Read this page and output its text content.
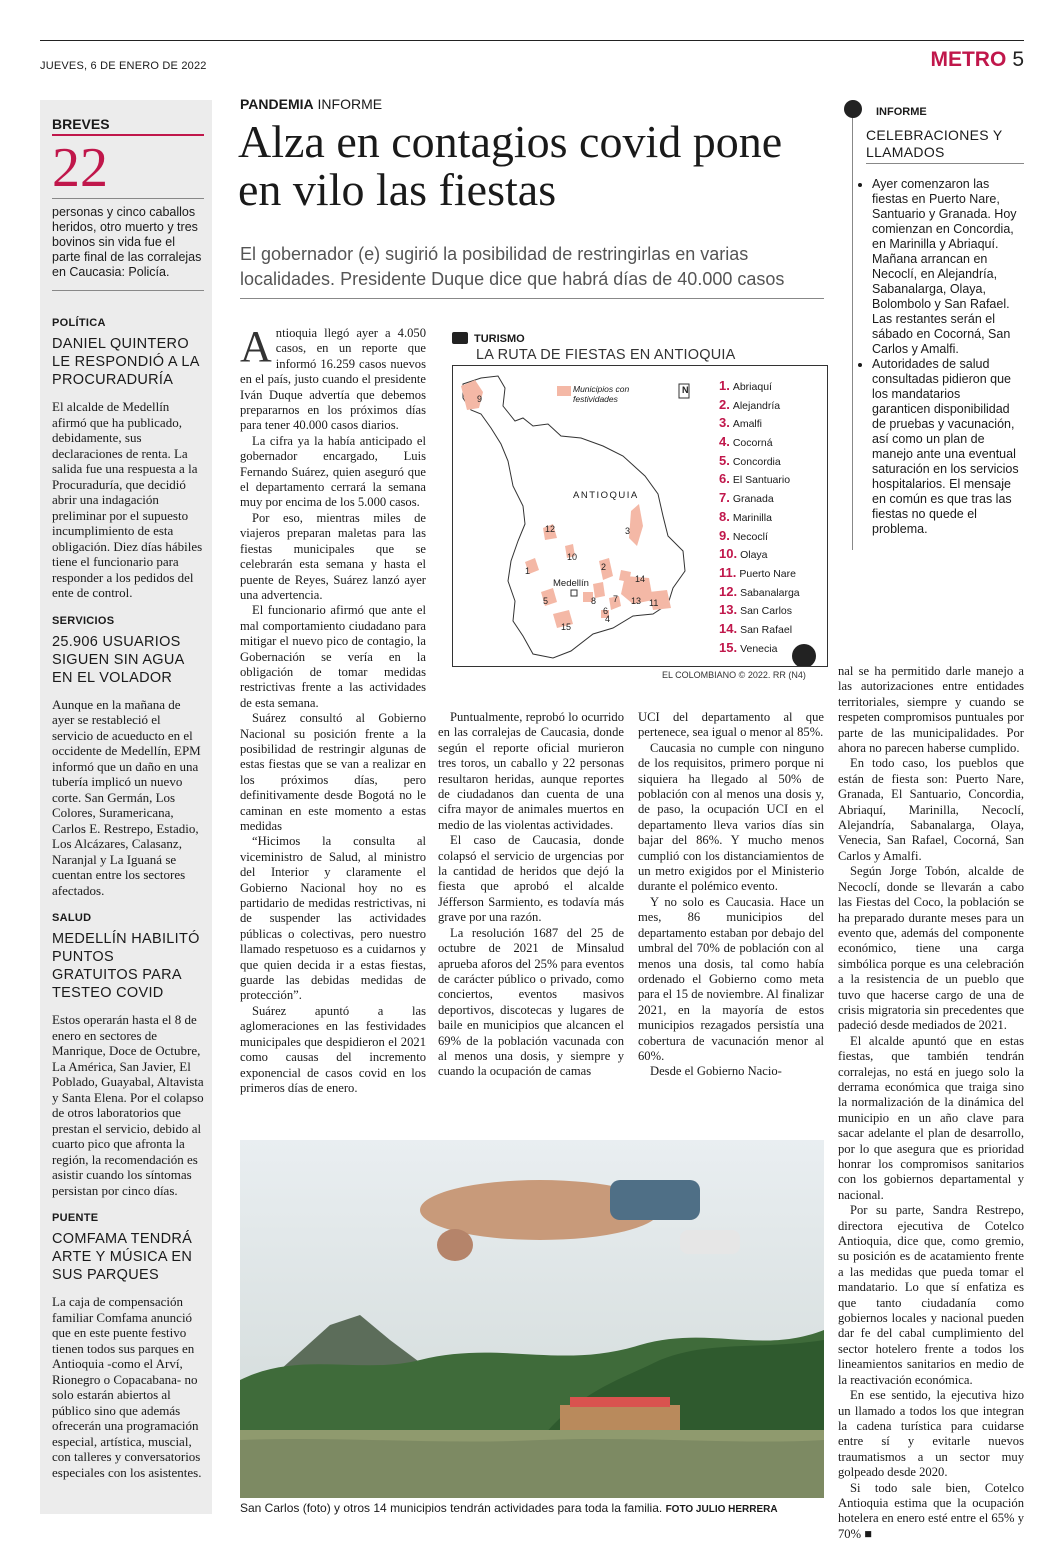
JUEVES, 6 DE ENERO DE 2022	METRO 5
BREVES
22
personas y cinco caballos heridos, otro muerto y tres bovinos sin vida fue el parte final de las corralejas en Caucasia: Policía.
POLÍTICA
DANIEL QUINTERO LE RESPONDIÓ A LA PROCURADURÍA
El alcalde de Medellín afirmó que ha publicado, debidamente, sus declaraciones de renta. La salida fue una respuesta a la Procuraduría, que decidió abrir una indagación preliminar por el supuesto incumplimiento de esta obligación. Diez días hábiles tiene el funcionario para responder a los pedidos del ente de control.
SERVICIOS
25.906 USUARIOS SIGUEN SIN AGUA EN EL VOLADOR
Aunque en la mañana de ayer se restableció el servicio de acueducto en el occidente de Medellín, EPM informó que un daño en una tubería implicó un nuevo corte. San Germán, Los Colores, Suramericana, Carlos E. Restrepo, Estadio, Los Alcázares, Calasanz, Naranjal y La Iguaná se cuentan entre los sectores afectados.
SALUD
MEDELLÍN HABILITÓ PUNTOS GRATUITOS PARA TESTEO COVID
Estos operarán hasta el 8 de enero en sectores de Manrique, Doce de Octubre, La América, San Javier, El Poblado, Guayabal, Altavista y Santa Elena. Por el colapso de otros laboratorios que prestan el servicio, debido al cuarto pico que afronta la región, la recomendación es asistir cuando los síntomas persistan por cinco días.
PUENTE
COMFAMA TENDRÁ ARTE Y MÚSICA EN SUS PARQUES
La caja de compensación familiar Comfama anunció que en este puente festivo tienen todos sus parques en Antioquia -como el Arví, Rionegro o Copacabana- no solo estarán abiertos al público sino que además ofrecerán una programación especial, artística, muscial, con talleres y conversatorios especiales con los asistentes.
PANDEMIA INFORME
Alza en contagios covid pone en vilo las fiestas
El gobernador (e) sugirió la posibilidad de restringirlas en varias localidades. Presidente Duque dice que habrá días de 40.000 casos

Antioquia llegó ayer a 4.050 casos, en un reporte que informó 16.259 casos nuevos en el país, justo cuando el presidente Iván Duque advertía que debemos prepararnos en los próximos días para tener 40.000 casos diarios.

La cifra ya la había anticipado el gobernador encargado, Luis Fernando Suárez, quien aseguró que el departamento cerrará la semana muy por encima de los 5.000 casos.

Por eso, mientras miles de viajeros preparan maletas para las fiestas municipales que se celebrarán esta semana y hasta el puente de Reyes, Suárez lanzó ayer una advertencia.

El funcionario afirmó que ante el mal comportamiento ciudadano para mitigar el nuevo pico de contagio, la Gobernación se vería en la obligación de tomar medidas restrictivas frente a las actividades de esta semana.

Suárez consultó al Gobierno Nacional su posición frente a la posibilidad de restringir algunas de estas fiestas que se van a realizar en los próximos días, pero definitivamente desde Bogotá no le caminan en este momento a estas medidas

“Hicimos la consulta al viceministro de Salud, al ministro del Interior y claramente el Gobierno Nacional hoy no es partidario de medidas restrictivas, ni de suspender las actividades públicas o colectivas, pero nuestro llamado respetuoso es a cuidarnos y que quien decida ir a estas fiestas, guarde las debidas medidas de protección”.

Suárez apuntó a las aglomeraciones en las festividades municipales que despidieron el 2021 como causas del incremento exponencial de casos covid en los primeros días de enero.

TURISMO
LA RUTA DE FIESTAS EN ANTIOQUIA
Municipios con festividades
N
ANTIOQUIA
Medellín
9
12	3
10
1	2
14
5	8 7 13 11
6
4
15
1. Abriaquí
2. Alejandría
3. Amalfi
4. Cocorná
5. Concordia
6. El Santuario
7. Granada
8. Marinilla
9. Necoclí
10. Olaya
11. Puerto Nare
12. Sabanalarga
13. San Carlos
14. San Rafael
15. Venecia
EL COLOMBIANO © 2022. RR (N4)

Puntualmente, reprobó lo ocurrido en las corralejas de Caucasia, donde según el reporte oficial murieron tres toros, un caballo y 22 personas resultaron heridas, aunque reportes de ciudadanos dan cuenta de una cifra mayor de animales muertos en medio de las violentas actividades.

El caso de Caucasia, donde colapsó el servicio de urgencias por la cantidad de heridos que dejó la fiesta que aprobó el alcalde Jéfferson Sarmiento, es todavía más grave por una razón.

La resolución 1687 del 25 de octubre de 2021 de Minsalud aprueba aforos del 25% para eventos de carácter público o privado, como conciertos, eventos masivos deportivos, discotecas y lugares de baile en municipios que alcancen el 69% de la población vacunada con al menos una dosis, y siempre y cuando la ocupación de camas

UCI del departamento al que pertenece, sea igual o menor al 85%.

Caucasia no cumple con ninguno de los requisitos, primero porque ni siquiera ha llegado al 50% de población con al menos una dosis y, de paso, la ocupación UCI en el departamento lleva varios días sin bajar del 86%. Y mucho menos cumplió con los distanciamientos de un metro exigidos por el Ministerio durante el polémico evento.

Y no solo es Caucasia. Hace un mes, 86 municipios del departamento estaban por debajo del umbral del 70% de población con al menos una dosis, tal como había ordenado el Gobierno como meta para el 15 de noviembre. Al finalizar 2021, en la mayoría de estos municipios rezagados persistía una cobertura de vacunación menor al 60%.

Desde el Gobierno Nacio-

INFORME
CELEBRACIONES Y LLAMADOS
• Ayer comenzaron las fiestas en Puerto Nare, Santuario y Granada. Hoy comienzan en Concordia, en Marinilla y Abriaquí. Mañana arrancan en Necoclí, en Alejandría, Sabanalarga, Olaya, Bolombolo y San Rafael. Las restantes serán el sábado en Cocorná, San Carlos y Amalfi.
• Autoridades de salud consultadas pidieron que los mandatarios garanticen disponibilidad de pruebas y vacunación, así como un plan de manejo ante una eventual saturación en los servicios hospitalarios. El mensaje en común es que tras las fiestas no quede el problema.

nal se ha permitido darle manejo a las autorizaciones entre entidades territoriales, siempre y cuando se respeten compromisos puntuales por parte de las municipalidades. Por ahora no parecen haberse cumplido.

En todo caso, los pueblos que están de fiesta son: Puerto Nare, Granada, El Santuario, Concordia, Abriaquí, Marinilla, Necoclí, Alejandría, Sabanalarga, Olaya, Venecia, San Rafael, Cocorná, San Carlos y Amalfi.

Según Jorge Tobón, alcalde de Necoclí, donde se llevarán a cabo las Fiestas del Coco, la población se ha preparado durante meses para un evento que, además del componente económico, tiene una carga simbólica porque es una celebración a la resistencia de un pueblo que tuvo que hacerse cargo de una de crisis migratoria sin precedentes que padeció desde mediados de 2021.

El alcalde apuntó que en estas fiestas, que también tendrán corralejas, no está en juego solo la derrama económica que traiga sino la normalización de la dinámica del municipio en un año clave para sacar adelante el plan de desarrollo, por lo que asegura que es prioridad honrar los compromisos sanitarios con los gobiernos departamental y nacional.

Por su parte, Sandra Restrepo, directora ejecutiva de Cotelco Antioquia, dice que, como gremio, su posición es de acatamiento frente a las medidas que pueda tomar el mandatario. Lo que sí enfatiza es que tanto ciudadanía como gobiernos locales y nacional pueden dar fe del cabal cumplimiento del sector hotelero frente a todos los lineamientos sanitarios en medio de la reactivación económica.

En ese sentido, la ejecutiva hizo un llamado a todos los que integran la cadena turística para cuidarse entre sí y evitarle nuevos traumatismos a un sector muy golpeado desde 2020.

Si todo sale bien, Cotelco Antioquia estima que la ocupación hotelera en enero esté entre el 65% y 70% ■

San Carlos (foto) y otros 14 municipios tendrán actividades para toda la familia. FOTO JULIO HERRERA
